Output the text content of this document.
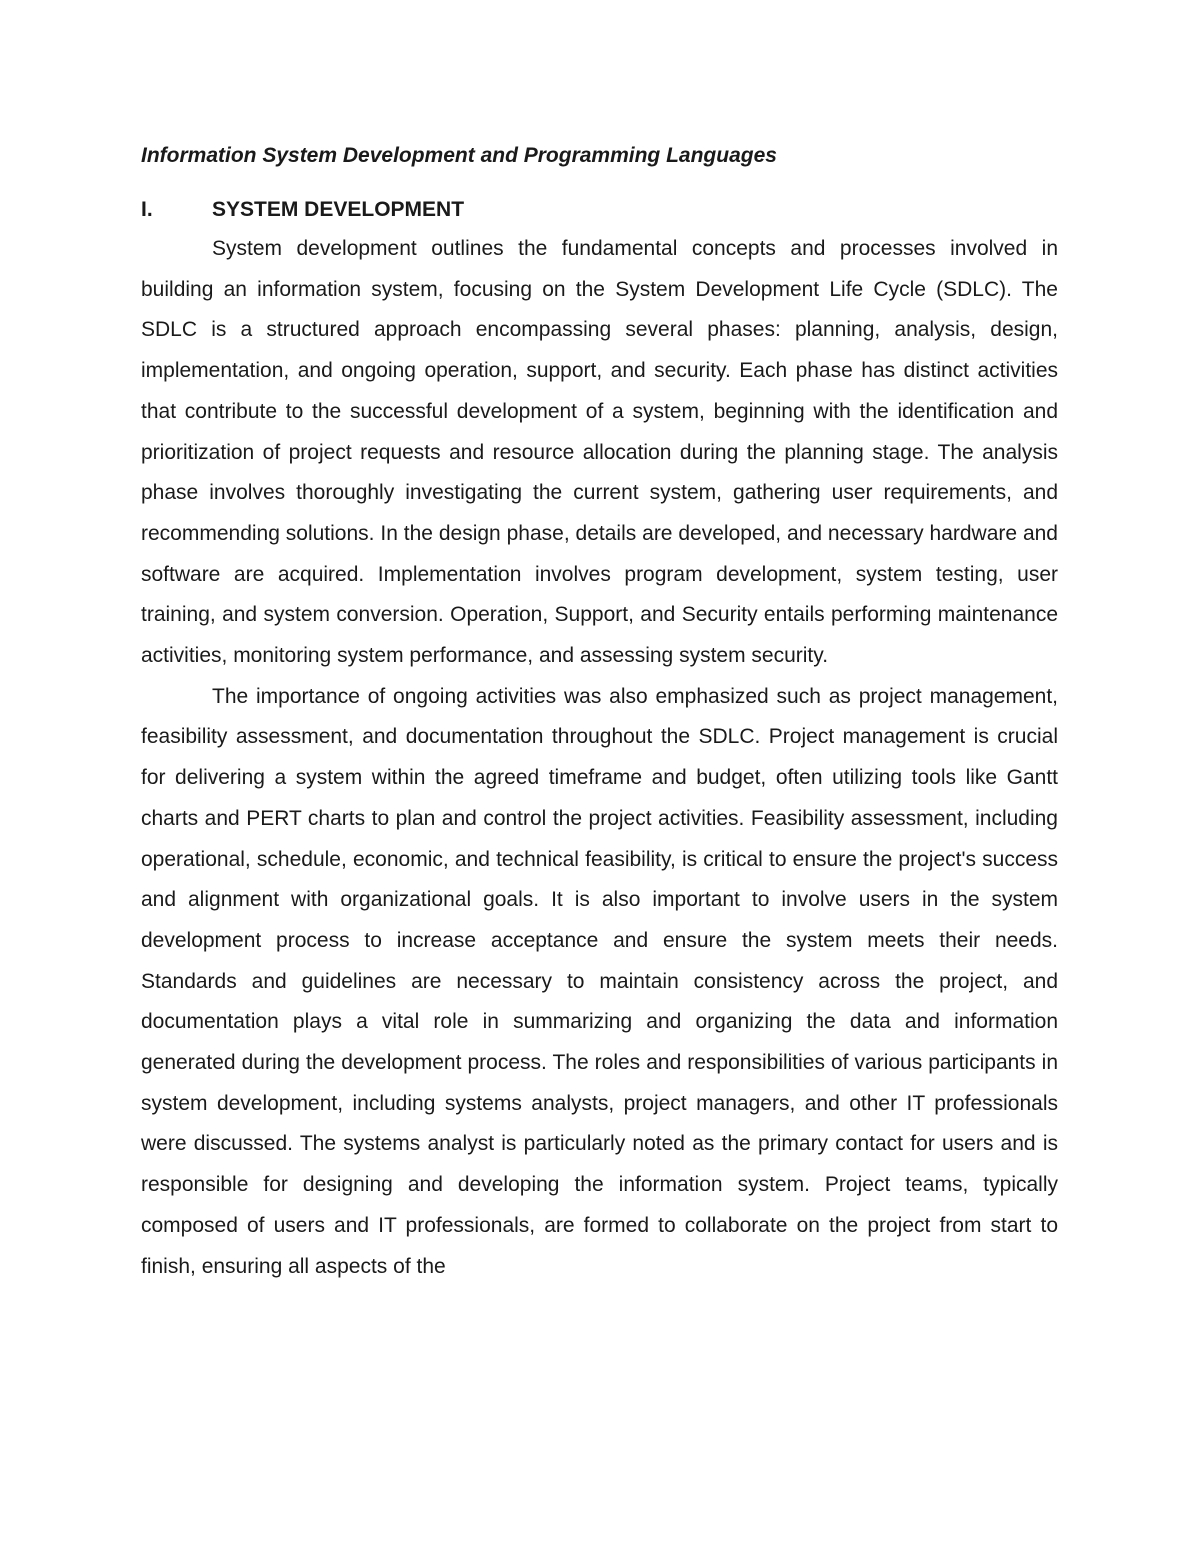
Information System Development and Programming Languages
I.	SYSTEM DEVELOPMENT

System development outlines the fundamental concepts and processes involved in building an information system, focusing on the System Development Life Cycle (SDLC). The SDLC is a structured approach encompassing several phases: planning, analysis, design, implementation, and ongoing operation, support, and security. Each phase has distinct activities that contribute to the successful development of a system, beginning with the identification and prioritization of project requests and resource allocation during the planning stage. The analysis phase involves thoroughly investigating the current system, gathering user requirements, and recommending solutions. In the design phase, details are developed, and necessary hardware and software are acquired. Implementation involves program development, system testing, user training, and system conversion. Operation, Support, and Security entails performing maintenance activities, monitoring system performance, and assessing system security.

The importance of ongoing activities was also emphasized such as project management, feasibility assessment, and documentation throughout the SDLC. Project management is crucial for delivering a system within the agreed timeframe and budget, often utilizing tools like Gantt charts and PERT charts to plan and control the project activities. Feasibility assessment, including operational, schedule, economic, and technical feasibility, is critical to ensure the project's success and alignment with organizational goals. It is also important to involve users in the system development process to increase acceptance and ensure the system meets their needs. Standards and guidelines are necessary to maintain consistency across the project, and documentation plays a vital role in summarizing and organizing the data and information generated during the development process. The roles and responsibilities of various participants in system development, including systems analysts, project managers, and other IT professionals were discussed. The systems analyst is particularly noted as the primary contact for users and is responsible for designing and developing the information system. Project teams, typically composed of users and IT professionals, are formed to collaborate on the project from start to finish, ensuring all aspects of the
